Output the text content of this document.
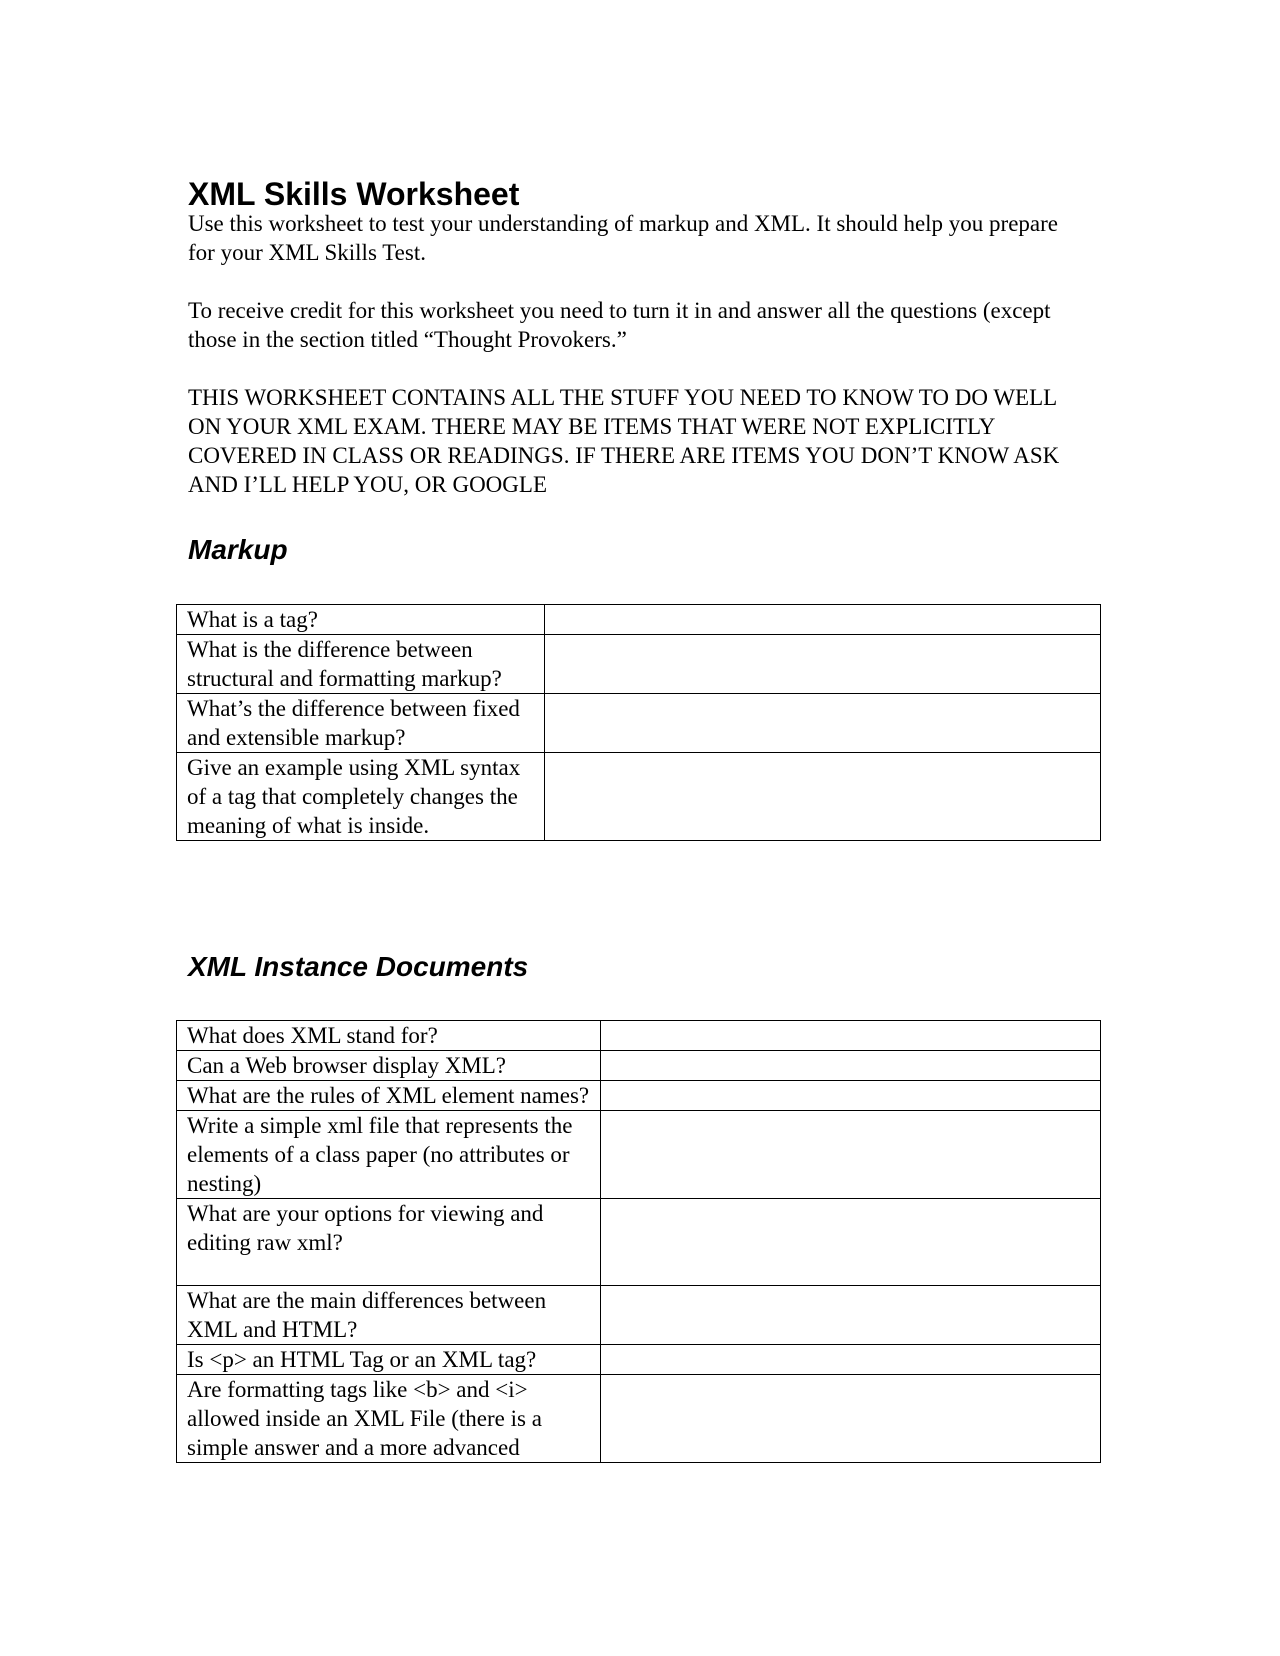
XML Skills Worksheet

Use this worksheet to test your understanding of markup and XML. It should help you prepare for your XML Skills Test.

To receive credit for this worksheet you need to turn it in and answer all the questions (except those in the section titled “Thought Provokers.”

THIS WORKSHEET CONTAINS ALL THE STUFF YOU NEED TO KNOW TO DO WELL ON YOUR XML EXAM. THERE MAY BE ITEMS THAT WERE NOT EXPLICITLY COVERED IN CLASS OR READINGS. IF THERE ARE ITEMS YOU DON’T KNOW ASK AND I’LL HELP YOU, OR GOOGLE

Markup
What is a tag?	
What is the difference between structural and formatting markup?	
What’s the difference between fixed and extensible markup?	
Give an example using XML syntax of a tag that completely changes the meaning of what is inside.	
XML Instance Documents
What does XML stand for?	
Can a Web browser display XML?	
What are the rules of XML element names?	
Write a simple xml file that represents the elements of a class paper (no attributes or nesting)	
What are your options for viewing and editing raw xml?	
What are the main differences between XML and HTML?	
Is <p> an HTML Tag or an XML tag?	
Are formatting tags like <b> and <i> allowed inside an XML File (there is a simple answer and a more advanced	
